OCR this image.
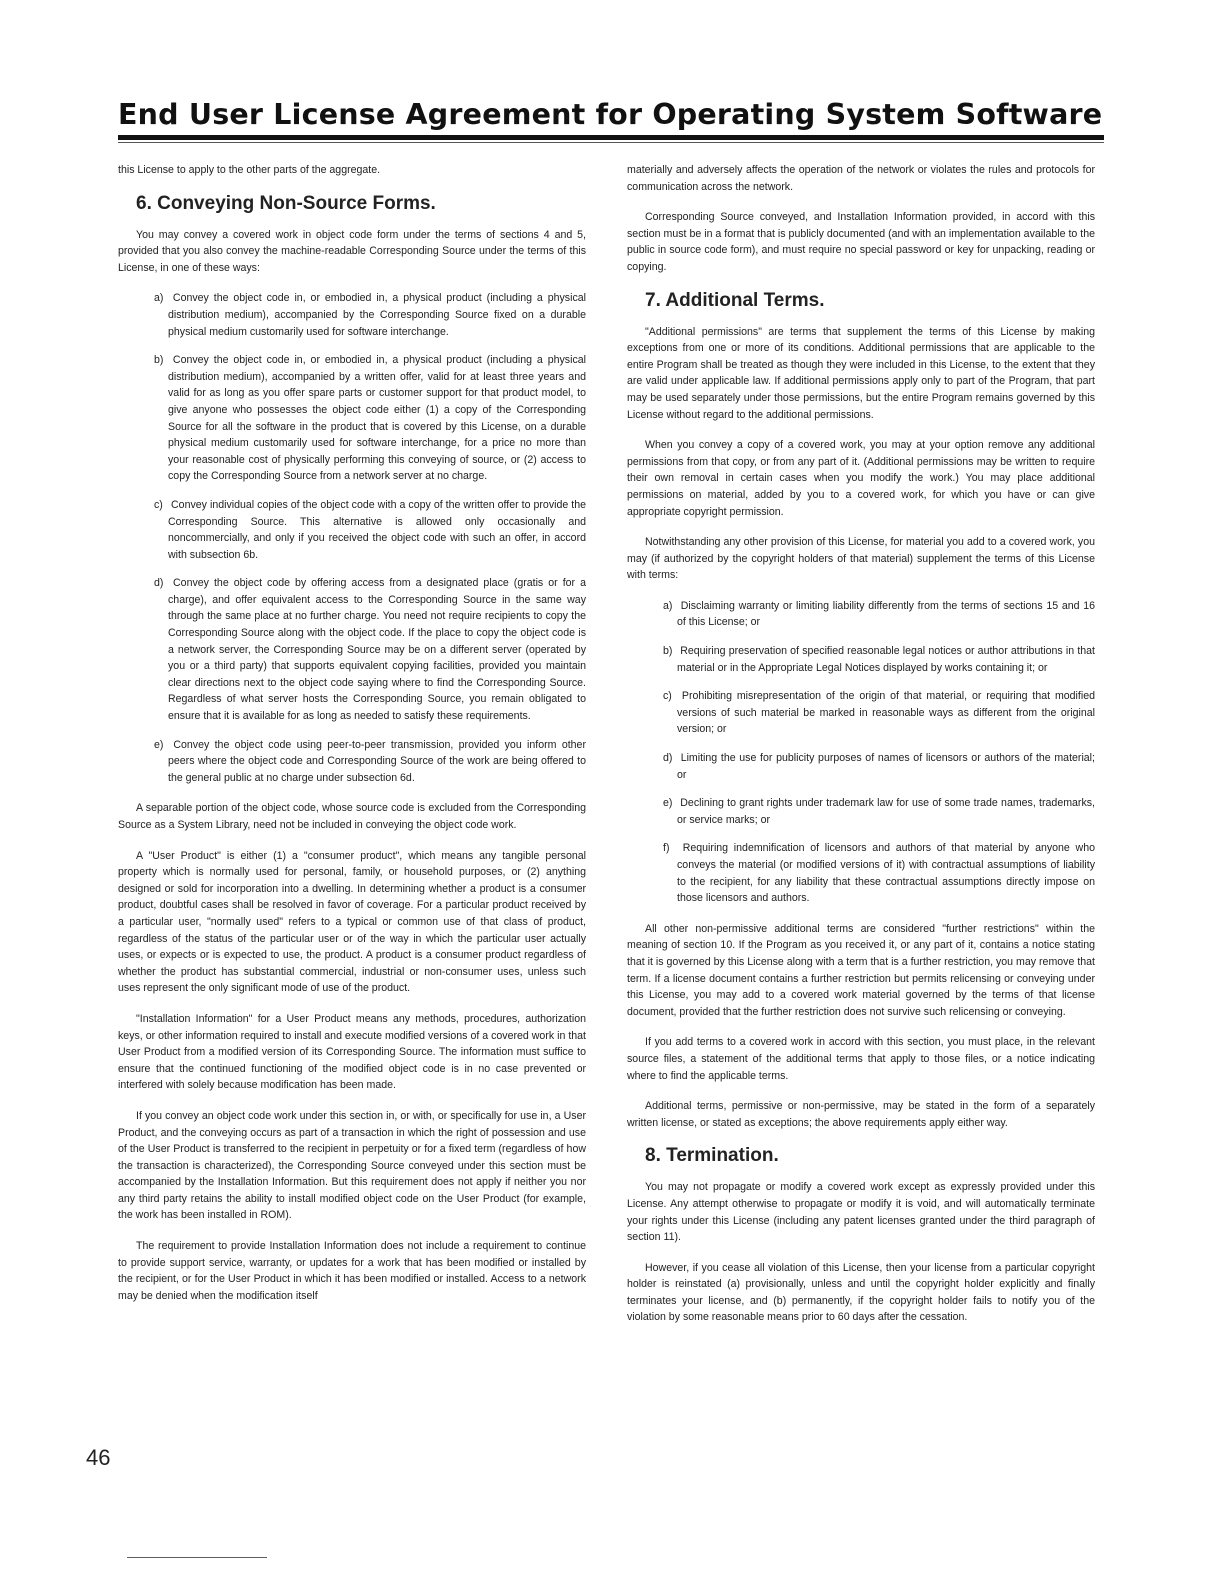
End User License Agreement for Operating System Software

this License to apply to the other parts of the aggregate.

6. Conveying Non-Source Forms.

You may convey a covered work in object code form under the terms of sections 4 and 5, provided that you also convey the machine-readable Corresponding Source under the terms of this License, in one of these ways:

a) Convey the object code in, or embodied in, a physical product (including a physical distribution medium), accompanied by the Corresponding Source fixed on a durable physical medium customarily used for software interchange.
b) Convey the object code in, or embodied in, a physical product (including a physical distribution medium), accompanied by a written offer, valid for at least three years and valid for as long as you offer spare parts or customer support for that product model, to give anyone who possesses the object code either (1) a copy of the Corresponding Source for all the software in the product that is covered by this License, on a durable physical medium customarily used for software interchange, for a price no more than your reasonable cost of physically performing this conveying of source, or (2) access to copy the Corresponding Source from a network server at no charge.
c) Convey individual copies of the object code with a copy of the written offer to provide the Corresponding Source. This alternative is allowed only occasionally and noncommercially, and only if you received the object code with such an offer, in accord with subsection 6b.
d) Convey the object code by offering access from a designated place (gratis or for a charge), and offer equivalent access to the Corresponding Source in the same way through the same place at no further charge. You need not require recipients to copy the Corresponding Source along with the object code. If the place to copy the object code is a network server, the Corresponding Source may be on a different server (operated by you or a third party) that supports equivalent copying facilities, provided you maintain clear directions next to the object code saying where to find the Corresponding Source. Regardless of what server hosts the Corresponding Source, you remain obligated to ensure that it is available for as long as needed to satisfy these requirements.
e) Convey the object code using peer-to-peer transmission, provided you inform other peers where the object code and Corresponding Source of the work are being offered to the general public at no charge under subsection 6d.

A separable portion of the object code, whose source code is excluded from the Corresponding Source as a System Library, need not be included in conveying the object code work.

A "User Product" is either (1) a "consumer product", which means any tangible personal property which is normally used for personal, family, or household purposes, or (2) anything designed or sold for incorporation into a dwelling. In determining whether a product is a consumer product, doubtful cases shall be resolved in favor of coverage. For a particular product received by a particular user, "normally used" refers to a typical or common use of that class of product, regardless of the status of the particular user or of the way in which the particular user actually uses, or expects or is expected to use, the product. A product is a consumer product regardless of whether the product has substantial commercial, industrial or non-consumer uses, unless such uses represent the only significant mode of use of the product.

"Installation Information" for a User Product means any methods, procedures, authorization keys, or other information required to install and execute modified versions of a covered work in that User Product from a modified version of its Corresponding Source. The information must suffice to ensure that the continued functioning of the modified object code is in no case prevented or interfered with solely because modification has been made.

If you convey an object code work under this section in, or with, or specifically for use in, a User Product, and the conveying occurs as part of a transaction in which the right of possession and use of the User Product is transferred to the recipient in perpetuity or for a fixed term (regardless of how the transaction is characterized), the Corresponding Source conveyed under this section must be accompanied by the Installation Information. But this requirement does not apply if neither you nor any third party retains the ability to install modified object code on the User Product (for example, the work has been installed in ROM).

The requirement to provide Installation Information does not include a requirement to continue to provide support service, warranty, or updates for a work that has been modified or installed by the recipient, or for the User Product in which it has been modified or installed. Access to a network may be denied when the modification itself

materially and adversely affects the operation of the network or violates the rules and protocols for communication across the network.

Corresponding Source conveyed, and Installation Information provided, in accord with this section must be in a format that is publicly documented (and with an implementation available to the public in source code form), and must require no special password or key for unpacking, reading or copying.

7. Additional Terms.

"Additional permissions" are terms that supplement the terms of this License by making exceptions from one or more of its conditions. Additional permissions that are applicable to the entire Program shall be treated as though they were included in this License, to the extent that they are valid under applicable law. If additional permissions apply only to part of the Program, that part may be used separately under those permissions, but the entire Program remains governed by this License without regard to the additional permissions.

When you convey a copy of a covered work, you may at your option remove any additional permissions from that copy, or from any part of it. (Additional permissions may be written to require their own removal in certain cases when you modify the work.) You may place additional permissions on material, added by you to a covered work, for which you have or can give appropriate copyright permission.

Notwithstanding any other provision of this License, for material you add to a covered work, you may (if authorized by the copyright holders of that material) supplement the terms of this License with terms:

a) Disclaiming warranty or limiting liability differently from the terms of sections 15 and 16 of this License; or
b) Requiring preservation of specified reasonable legal notices or author attributions in that material or in the Appropriate Legal Notices displayed by works containing it; or
c) Prohibiting misrepresentation of the origin of that material, or requiring that modified versions of such material be marked in reasonable ways as different from the original version; or
d) Limiting the use for publicity purposes of names of licensors or authors of the material; or
e) Declining to grant rights under trademark law for use of some trade names, trademarks, or service marks; or
f) Requiring indemnification of licensors and authors of that material by anyone who conveys the material (or modified versions of it) with contractual assumptions of liability to the recipient, for any liability that these contractual assumptions directly impose on those licensors and authors.

All other non-permissive additional terms are considered "further restrictions" within the meaning of section 10. If the Program as you received it, or any part of it, contains a notice stating that it is governed by this License along with a term that is a further restriction, you may remove that term. If a license document contains a further restriction but permits relicensing or conveying under this License, you may add to a covered work material governed by the terms of that license document, provided that the further restriction does not survive such relicensing or conveying.

If you add terms to a covered work in accord with this section, you must place, in the relevant source files, a statement of the additional terms that apply to those files, or a notice indicating where to find the applicable terms.

Additional terms, permissive or non-permissive, may be stated in the form of a separately written license, or stated as exceptions; the above requirements apply either way.

8. Termination.

You may not propagate or modify a covered work except as expressly provided under this License. Any attempt otherwise to propagate or modify it is void, and will automatically terminate your rights under this License (including any patent licenses granted under the third paragraph of section 11).

However, if you cease all violation of this License, then your license from a particular copyright holder is reinstated (a) provisionally, unless and until the copyright holder explicitly and finally terminates your license, and (b) permanently, if the copyright holder fails to notify you of the violation by some reasonable means prior to 60 days after the cessation.

46
